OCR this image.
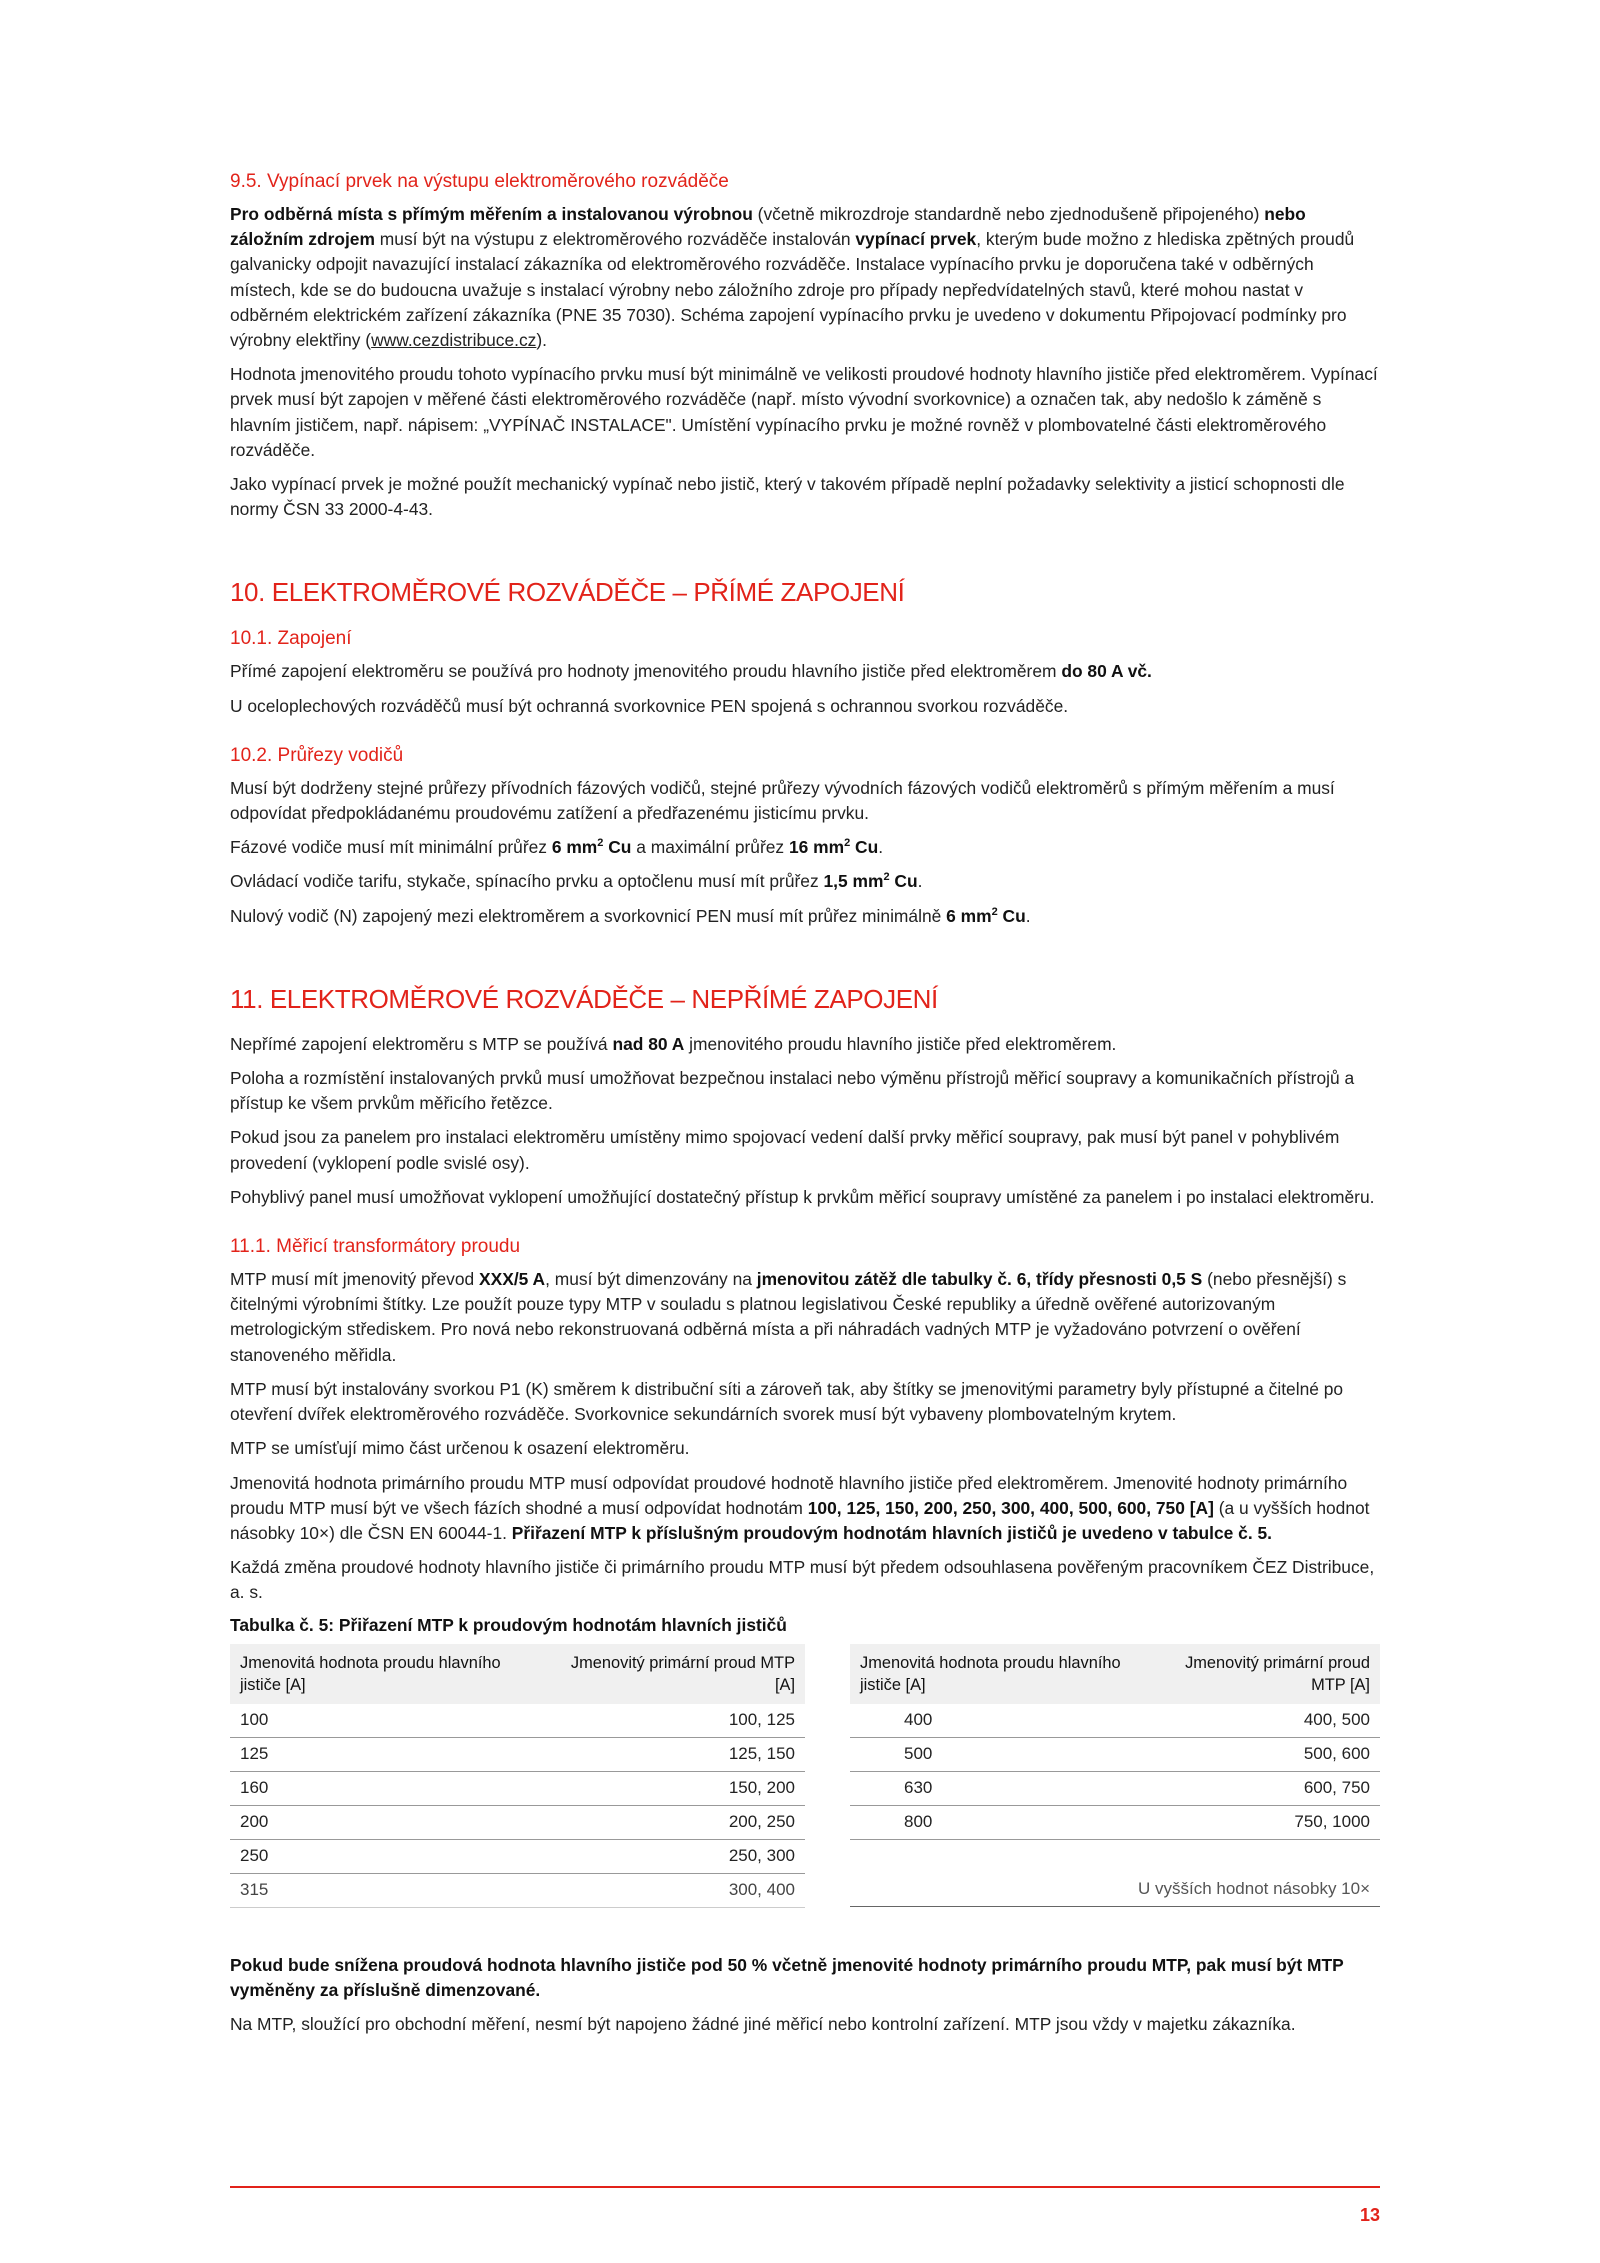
9.5. Vypínací prvek na výstupu elektroměrového rozváděče

Pro odběrná místa s přímým měřením a instalovanou výrobnou (včetně mikrozdroje standardně nebo zjednodušeně připojeného) nebo záložním zdrojem musí být na výstupu z elektroměrového rozváděče instalován vypínací prvek, kterým bude možno z hlediska zpětných proudů galvanicky odpojit navazující instalací zákazníka od elektroměrového rozváděče. Instalace vypínacího prvku je doporučena také v odběrných místech, kde se do budoucna uvažuje s instalací výrobny nebo záložního zdroje pro případy nepředvídatelných stavů, které mohou nastat v odběrném elektrickém zařízení zákazníka (PNE 35 7030). Schéma zapojení vypínacího prvku je uvedeno v dokumentu Připojovací podmínky pro výrobny elektřiny (www.cezdistribuce.cz).

Hodnota jmenovitého proudu tohoto vypínacího prvku musí být minimálně ve velikosti proudové hodnoty hlavního jističe před elektroměrem. Vypínací prvek musí být zapojen v měřené části elektroměrového rozváděče (např. místo vývodní svorkovnice) a označen tak, aby nedošlo k záměně s hlavním jističem, např. nápisem: „VYPÍNAČ INSTALACE". Umístění vypínacího prvku je možné rovněž v plombovatelné části elektroměrového rozváděče.

Jako vypínací prvek je možné použít mechanický vypínač nebo jistič, který v takovém případě neplní požadavky selektivity a jisticí schopnosti dle normy ČSN 33 2000-4-43.

10. ELEKTROMĚROVÉ ROZVÁDĚČE – PŘÍMÉ ZAPOJENÍ
10.1. Zapojení

Přímé zapojení elektroměru se používá pro hodnoty jmenovitého proudu hlavního jističe před elektroměrem do 80 A vč.

U oceloplechových rozváděčů musí být ochranná svorkovnice PEN spojená s ochrannou svorkou rozváděče.

10.2. Průřezy vodičů

Musí být dodrženy stejné průřezy přívodních fázových vodičů, stejné průřezy vývodních fázových vodičů elektroměrů s přímým měřením a musí odpovídat předpokládanému proudovému zatížení a předřazenému jisticímu prvku.

Fázové vodiče musí mít minimální průřez 6 $mm^2$ Cu a maximální průřez 16 $mm^2$ Cu.

Ovládací vodiče tarifu, stykače, spínacího prvku a optočlenu musí mít průřez 1,5 $mm^2$ Cu.

Nulový vodič (N) zapojený mezi elektroměrem a svorkovnicí PEN musí mít průřez minimálně 6 $mm^2$ Cu.

11. ELEKTROMĚROVÉ ROZVÁDĚČE – NEPŘÍMÉ ZAPOJENÍ

Nepřímé zapojení elektroměru s MTP se používá nad 80 A jmenovitého proudu hlavního jističe před elektroměrem.

Poloha a rozmístění instalovaných prvků musí umožňovat bezpečnou instalaci nebo výměnu přístrojů měřicí soupravy a komunikačních přístrojů a přístup ke všem prvkům měřicího řetězce.

Pokud jsou za panelem pro instalaci elektroměru umístěny mimo spojovací vedení další prvky měřicí soupravy, pak musí být panel v pohyblivém provedení (vyklopení podle svislé osy).

Pohyblivý panel musí umožňovat vyklopení umožňující dostatečný přístup k prvkům měřicí soupravy umístěné za panelem i po instalaci elektroměru.

11.1. Měřicí transformátory proudu

MTP musí mít jmenovitý převod XXX/5 A, musí být dimenzovány na jmenovitou zátěž dle tabulky č. 6, třídy přesnosti 0,5 S (nebo přesnější) s čitelnými výrobními štítky. Lze použít pouze typy MTP v souladu s platnou legislativou České republiky a úředně ověřené autorizovaným metrologickým střediskem. Pro nová nebo rekonstruovaná odběrná místa a při náhradách vadných MTP je vyžadováno potvrzení o ověření stanoveného měřidla.

MTP musí být instalovány svorkou P1 (K) směrem k distribuční síti a zároveň tak, aby štítky se jmenovitými parametry byly přístupné a čitelné po otevření dvířek elektroměrového rozváděče. Svorkovnice sekundárních svorek musí být vybaveny plombovatelným krytem.

MTP se umísťují mimo část určenou k osazení elektroměru.

Jmenovitá hodnota primárního proudu MTP musí odpovídat proudové hodnotě hlavního jističe před elektroměrem. Jmenovité hodnoty primárního proudu MTP musí být ve všech fázích shodné a musí odpovídat hodnotám 100, 125, 150, 200, 250, 300, 400, 500, 600, 750 [A] (a u vyšších hodnot násobky 10×) dle ČSN EN 60044-1. Přiřazení MTP k příslušným proudovým hodnotám hlavních jističů je uvedeno v tabulce č. 5.

Každá změna proudové hodnoty hlavního jističe či primárního proudu MTP musí být předem odsouhlasena pověřeným pracovníkem ČEZ Distribuce, a. s.

Tabulka č. 5: Přiřazení MTP k proudovým hodnotám hlavních jističů
Jmenovitá hodnota proudu hlavního jističe [A]	Jmenovitý primární proud MTP [A]
100	100, 125
125	125, 150
160	150, 200
200	200, 250
250	250, 300
315	300, 400
Jmenovitá hodnota proudu hlavního jističe [A]	Jmenovitý primární proud MTP [A]
400	400, 500
500	500, 600
630	600, 750
800	750, 1000

U vyšších hodnot násobky 10×	

Pokud bude snížena proudová hodnota hlavního jističe pod 50 % včetně jmenovité hodnoty primárního proudu MTP, pak musí být MTP vyměněny za příslušně dimenzované.

Na MTP, sloužící pro obchodní měření, nesmí být napojeno žádné jiné měřicí nebo kontrolní zařízení. MTP jsou vždy v majetku zákazníka.

13
